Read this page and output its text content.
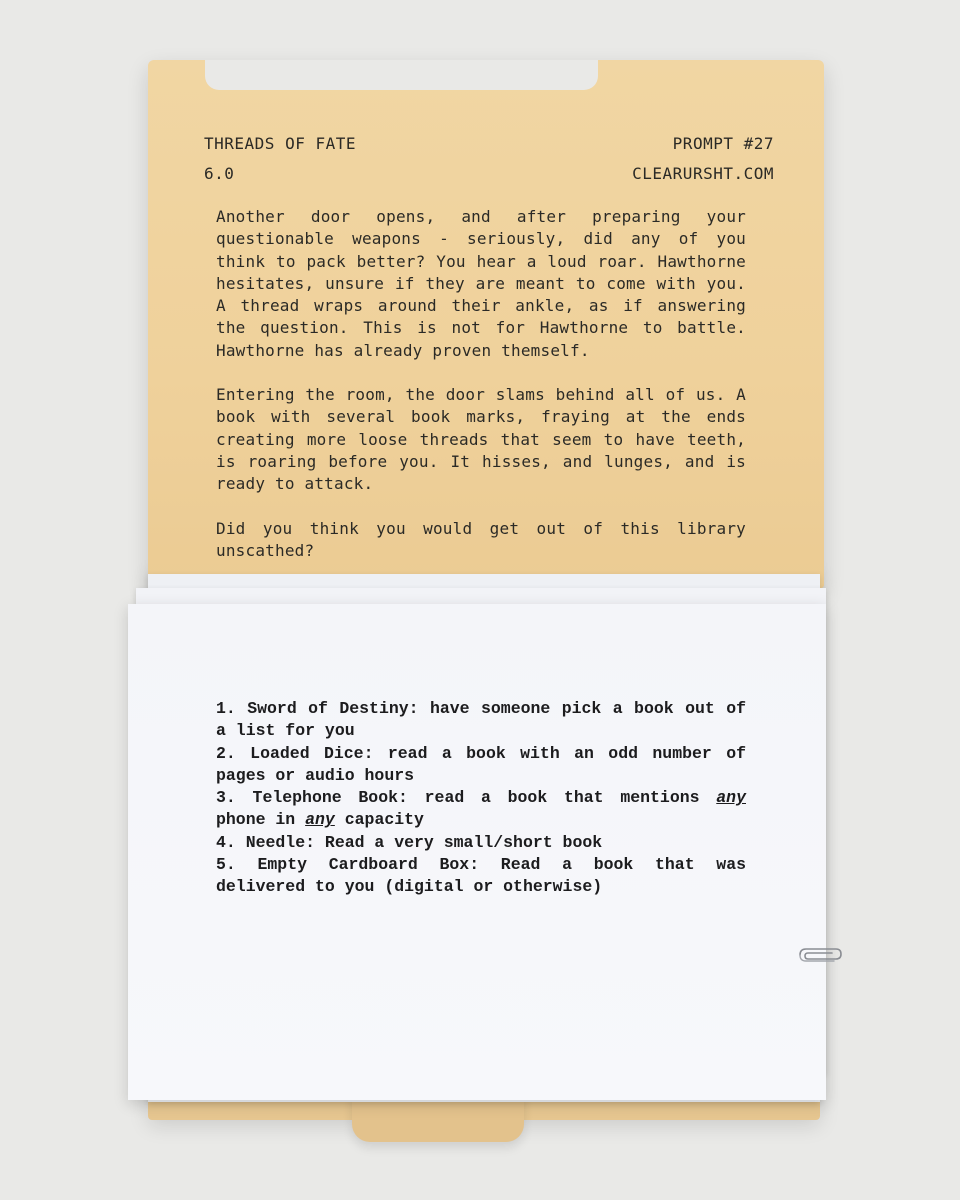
THREADS OF FATE	PROMPT #27
6.0	CLEARURSHT.COM

Another door opens, and after preparing your questionable weapons - seriously, did any of you think to pack better? You hear a loud roar. Hawthorne hesitates, unsure if they are meant to come with you. A thread wraps around their ankle, as if answering the question. This is not for Hawthorne to battle. Hawthorne has already proven themself.

Entering the room, the door slams behind all of us. A book with several book marks, fraying at the ends creating more loose threads that seem to have teeth, is roaring before you. It hisses, and lunges, and is ready to attack.

Did you think you would get out of this library unscathed?

1. Sword of Destiny: have someone pick a book out of a list for you
2. Loaded Dice: read a book with an odd number of pages or audio hours
3. Telephone Book: read a book that mentions any phone in any capacity
4. Needle: Read a very small/short book
5. Empty Cardboard Box: Read a book that was delivered to you (digital or otherwise)
